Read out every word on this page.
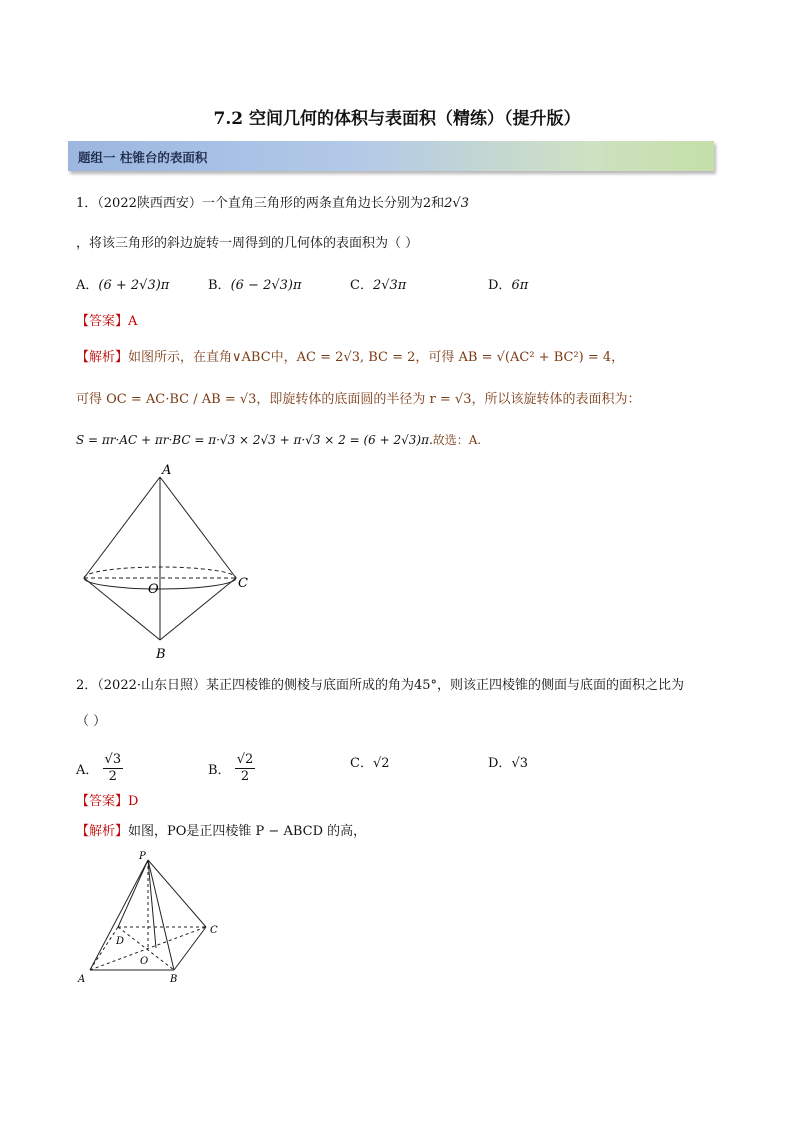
7.2 空间几何的体积与表面积（精练）（提升版）
题组一 柱锥台的表面积
1．（2022陕西西安）一个直角三角形的两条直角边长分别为2和2√3
，将该三角形的斜边旋转一周得到的几何体的表面积为（ ）
A．(6 + 2√3)π	B．(6 − 2√3)π	C．2√3π	D．6π
【答案】A
【解析】如图所示，在直角∨ABC中，AC = 2√3, BC = 2，可得 AB = √(AC² + BC²) = 4，
可得 OC = AC·BC / AB = √3，即旋转体的底面圆的半径为 r = √3，所以该旋转体的表面积为：
S = πr·AC + πr·BC = π·√3 × 2√3 + π·√3 × 2 = (6 + 2√3)π.故选：A.
A
B
C
O
2．（2022·山东日照）某正四棱锥的侧棱与底面所成的角为45°，则该正四棱锥的侧面与底面的面积之比为
（ ）
A． $\frac{√3}{2}$	B． $\frac{√2}{2}$	C．√2	D．√3
【答案】D
【解析】如图，PO是正四棱锥 P − ABCD 的高，
P
A	B
C
D
O
